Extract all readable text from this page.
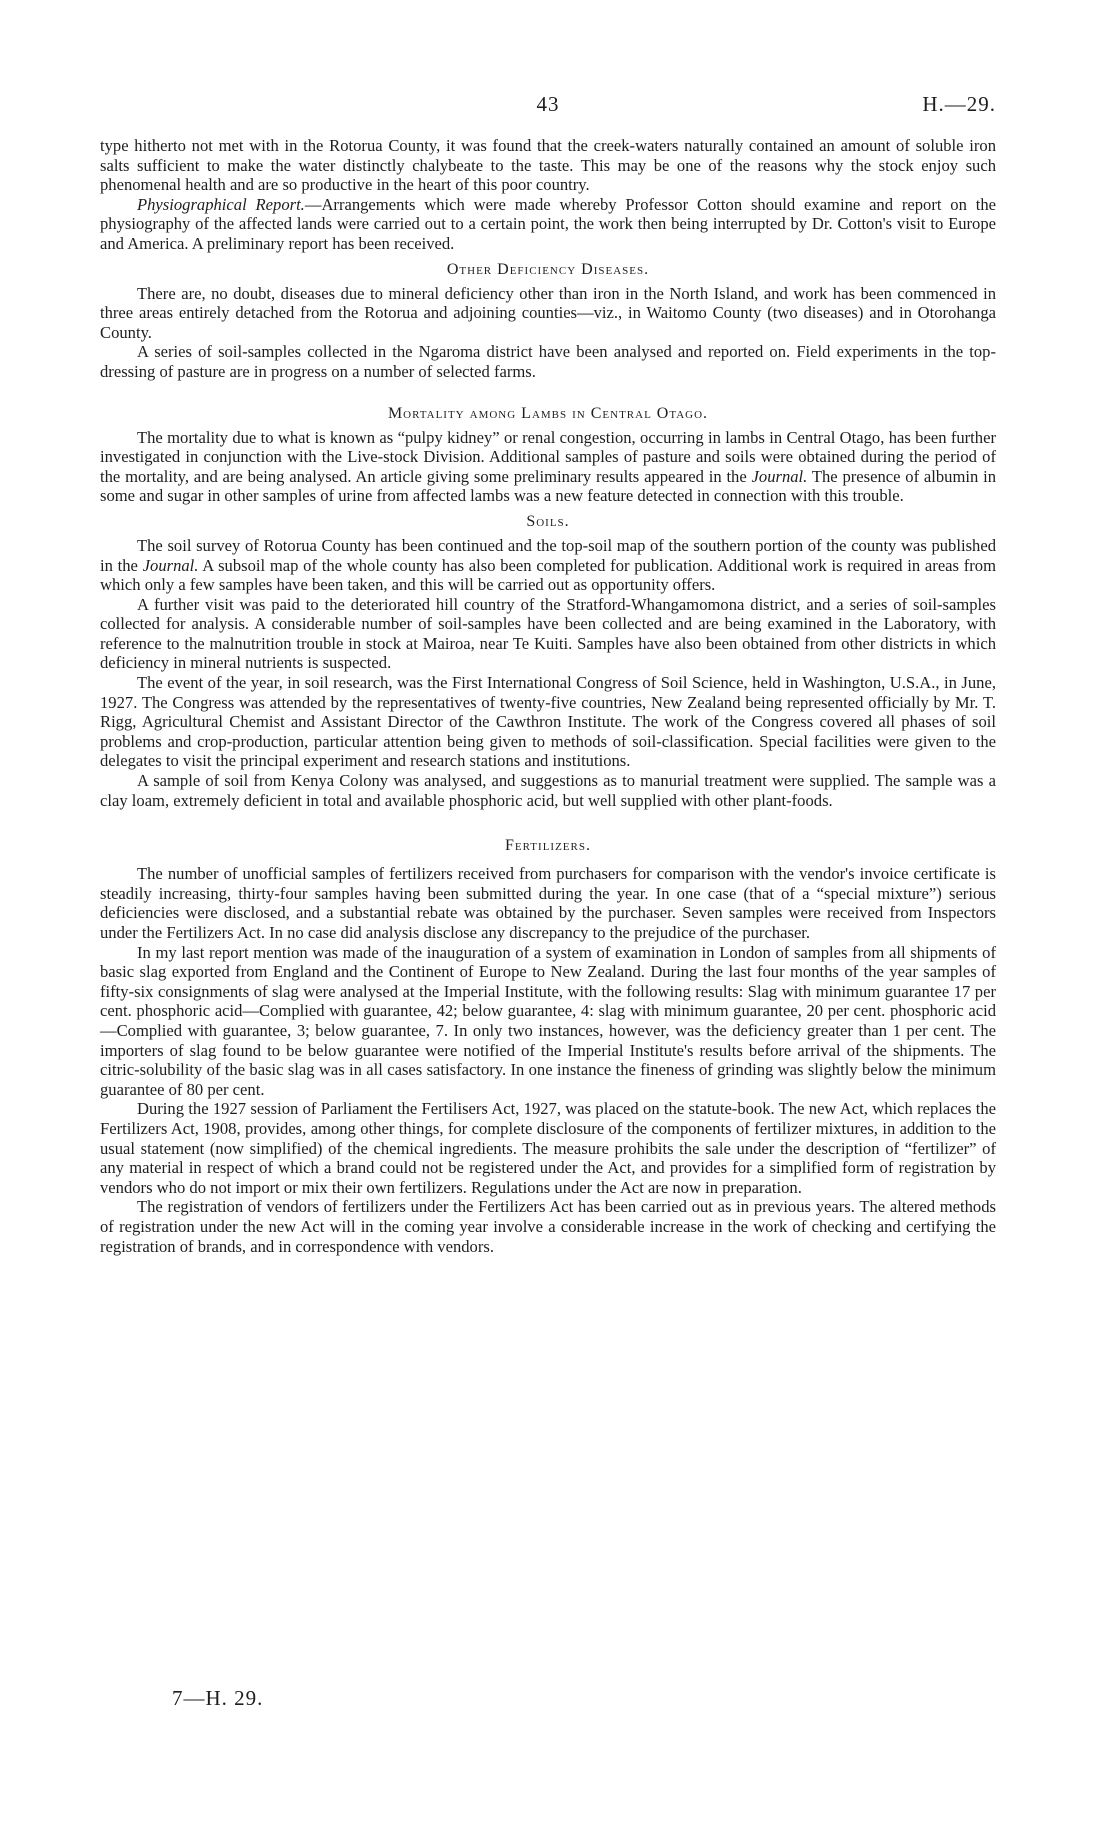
43	H.—29.

type hitherto not met with in the Rotorua County, it was found that the creek-waters naturally contained an amount of soluble iron salts sufficient to make the water distinctly chalybeate to the taste. This may be one of the reasons why the stock enjoy such phenomenal health and are so productive in the heart of this poor country.

Physiographical Report.—Arrangements which were made whereby Professor Cotton should examine and report on the physiography of the affected lands were carried out to a certain point, the work then being interrupted by Dr. Cotton's visit to Europe and America. A preliminary report has been received.

Other Deficiency Diseases.

There are, no doubt, diseases due to mineral deficiency other than iron in the North Island, and work has been commenced in three areas entirely detached from the Rotorua and adjoining counties—viz., in Waitomo County (two diseases) and in Otorohanga County.

A series of soil-samples collected in the Ngaroma district have been analysed and reported on. Field experiments in the top-dressing of pasture are in progress on a number of selected farms.

Mortality among Lambs in Central Otago.

The mortality due to what is known as “pulpy kidney” or renal congestion, occurring in lambs in Central Otago, has been further investigated in conjunction with the Live-stock Division. Additional samples of pasture and soils were obtained during the period of the mortality, and are being analysed. An article giving some preliminary results appeared in the Journal. The presence of albumin in some and sugar in other samples of urine from affected lambs was a new feature detected in connection with this trouble.

Soils.

The soil survey of Rotorua County has been continued and the top-soil map of the southern portion of the county was published in the Journal. A subsoil map of the whole county has also been completed for publication. Additional work is required in areas from which only a few samples have been taken, and this will be carried out as opportunity offers.

A further visit was paid to the deteriorated hill country of the Stratford-Whangamomona district, and a series of soil-samples collected for analysis. A considerable number of soil-samples have been collected and are being examined in the Laboratory, with reference to the malnutrition trouble in stock at Mairoa, near Te Kuiti. Samples have also been obtained from other districts in which deficiency in mineral nutrients is suspected.

The event of the year, in soil research, was the First International Congress of Soil Science, held in Washington, U.S.A., in June, 1927. The Congress was attended by the representatives of twenty-five countries, New Zealand being represented officially by Mr. T. Rigg, Agricultural Chemist and Assistant Director of the Cawthron Institute. The work of the Congress covered all phases of soil problems and crop-production, particular attention being given to methods of soil-classification. Special facilities were given to the delegates to visit the principal experiment and research stations and institutions.

A sample of soil from Kenya Colony was analysed, and suggestions as to manurial treatment were supplied. The sample was a clay loam, extremely deficient in total and available phosphoric acid, but well supplied with other plant-foods.

Fertilizers.

The number of unofficial samples of fertilizers received from purchasers for comparison with the vendor's invoice certificate is steadily increasing, thirty-four samples having been submitted during the year. In one case (that of a “special mixture”) serious deficiencies were disclosed, and a substantial rebate was obtained by the purchaser. Seven samples were received from Inspectors under the Fertilizers Act. In no case did analysis disclose any discrepancy to the prejudice of the purchaser.

In my last report mention was made of the inauguration of a system of examination in London of samples from all shipments of basic slag exported from England and the Continent of Europe to New Zealand. During the last four months of the year samples of fifty-six consignments of slag were analysed at the Imperial Institute, with the following results: Slag with minimum guarantee 17 per cent. phosphoric acid—Complied with guarantee, 42; below guarantee, 4: slag with minimum guarantee, 20 per cent. phosphoric acid—Complied with guarantee, 3; below guarantee, 7. In only two instances, however, was the deficiency greater than 1 per cent. The importers of slag found to be below guarantee were notified of the Imperial Institute's results before arrival of the shipments. The citric-solubility of the basic slag was in all cases satisfactory. In one instance the fineness of grinding was slightly below the minimum guarantee of 80 per cent.

During the 1927 session of Parliament the Fertilisers Act, 1927, was placed on the statute-book. The new Act, which replaces the Fertilizers Act, 1908, provides, among other things, for complete disclosure of the components of fertilizer mixtures, in addition to the usual statement (now simplified) of the chemical ingredients. The measure prohibits the sale under the description of “fertilizer” of any material in respect of which a brand could not be registered under the Act, and provides for a simplified form of registration by vendors who do not import or mix their own fertilizers. Regulations under the Act are now in preparation.

The registration of vendors of fertilizers under the Fertilizers Act has been carried out as in previous years. The altered methods of registration under the new Act will in the coming year involve a considerable increase in the work of checking and certifying the registration of brands, and in correspondence with vendors.

7—H. 29.
